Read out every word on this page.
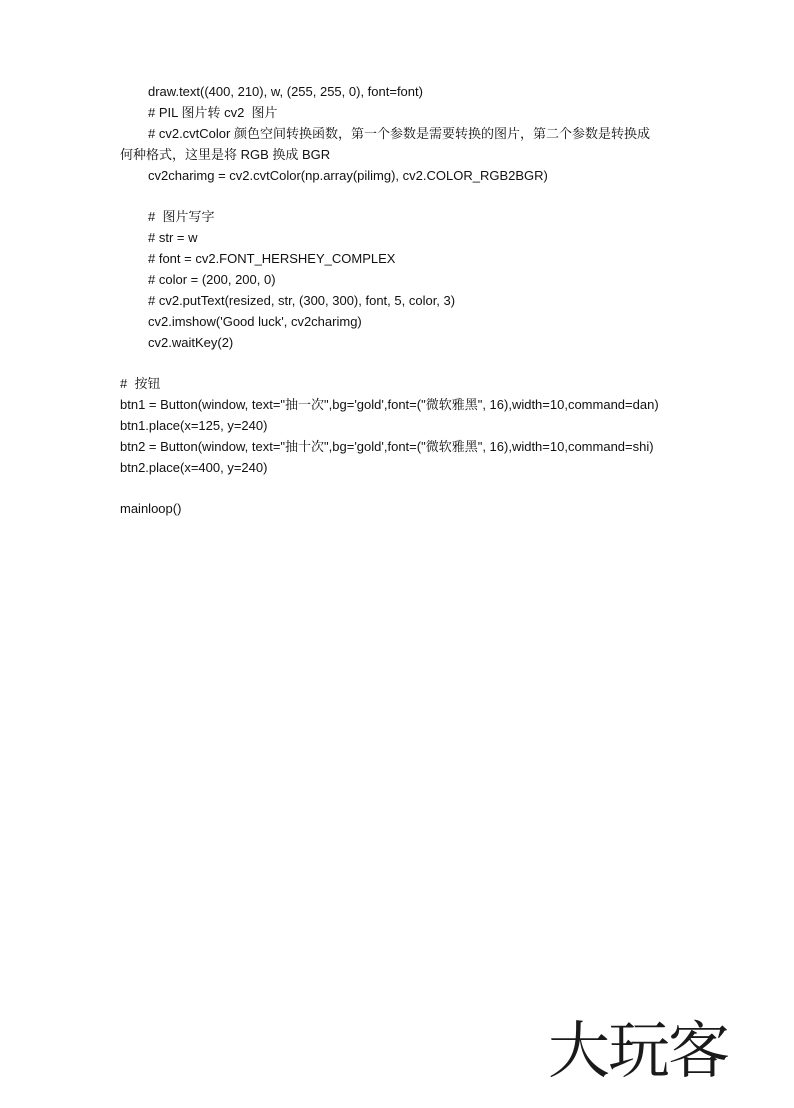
draw.text((400, 210), w, (255, 255, 0), font=font)
# PIL 图片转 cv2  图片
# cv2.cvtColor 颜色空间转换函数，第一个参数是需要转换的图片，第二个参数是转换成
何种格式，这里是将 RGB 换成 BGR
cv2charimg = cv2.cvtColor(np.array(pilimg), cv2.COLOR_RGB2BGR)
#  图片写字
# str = w
# font = cv2.FONT_HERSHEY_COMPLEX
# color = (200, 200, 0)
# cv2.putText(resized, str, (300, 300), font, 5, color, 3)
cv2.imshow('Good luck', cv2charimg)
cv2.waitKey(2)
#  按钮
btn1 = Button(window, text="抽一次",bg='gold',font=("微软雅黑", 16),width=10,command=dan)
btn1.place(x=125, y=240)
btn2 = Button(window, text="抽十次",bg='gold',font=("微软雅黑", 16),width=10,command=shi)
btn2.place(x=400, y=240)
mainloop()
大玩客
